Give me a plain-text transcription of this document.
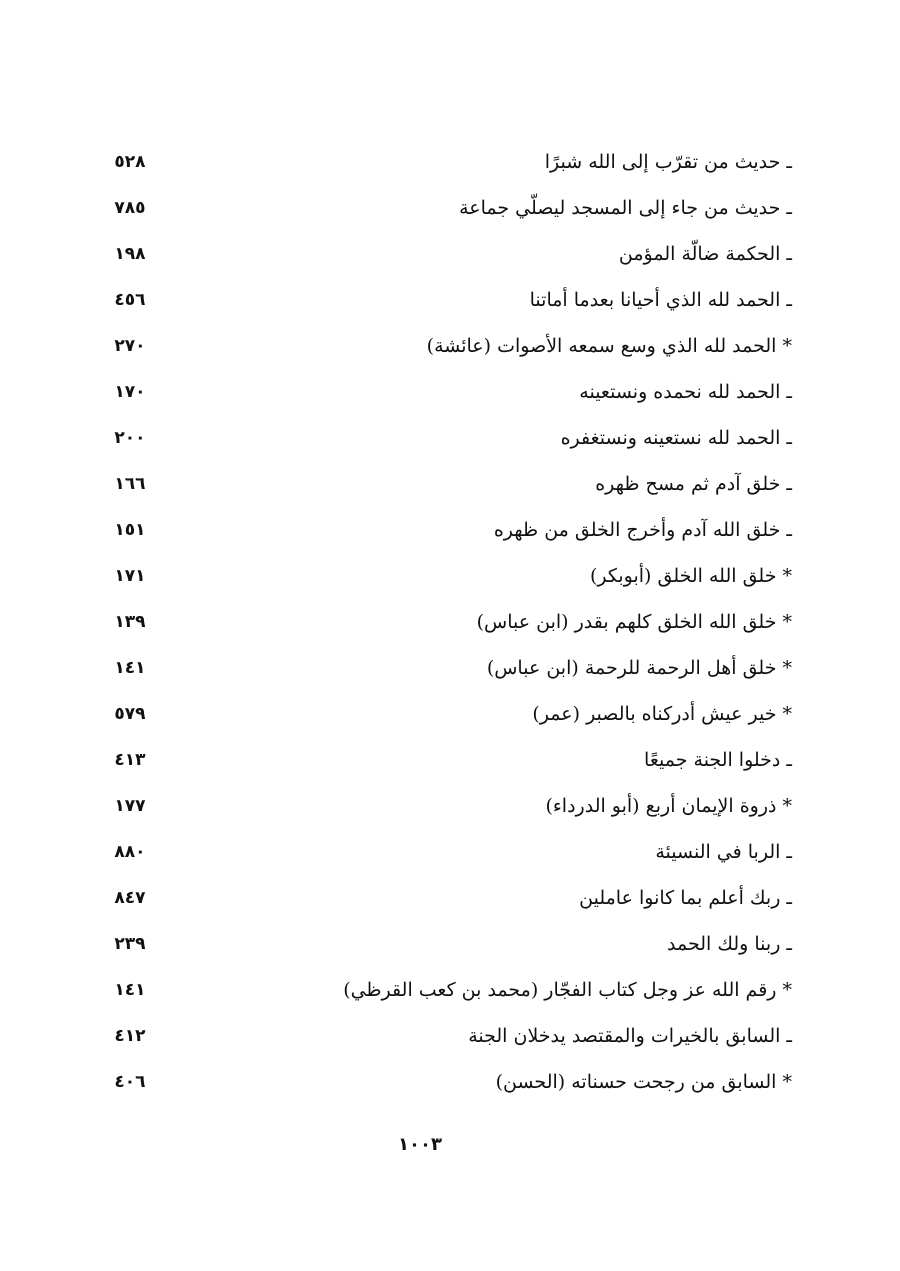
٥٢٨	ـ حديث من تقرّب إلى الله شبرًا
٧٨٥	ـ حديث من جاء إلى المسجد ليصلّي جماعة
١٩٨	ـ الحكمة ضالّة المؤمن
٤٥٦	ـ الحمد لله الذي أحيانا بعدما أماتنا
٢٧٠	* الحمد لله الذي وسع سمعه الأصوات (عائشة)
١٧٠	ـ الحمد لله نحمده ونستعينه
٢٠٠	ـ الحمد لله نستعينه ونستغفره
١٦٦	ـ خلق آدم ثم مسح ظهره
١٥١	ـ خلق الله آدم وأخرج الخلق من ظهره
١٧١	* خلق الله الخلق (أبوبكر)
١٣٩	* خلق الله الخلق كلهم بقدر (ابن عباس)
١٤١	* خلق أهل الرحمة للرحمة (ابن عباس)
٥٧٩	* خير عيش أدركناه بالصبر (عمر)
٤١٣	ـ دخلوا الجنة جميعًا
١٧٧	* ذروة الإيمان أربع (أبو الدرداء)
٨٨٠	ـ الربا في النسيئة
٨٤٧	ـ ربك أعلم بما كانوا عاملين
٢٣٩	ـ ربنا ولك الحمد
١٤١	* رقم الله عز وجل كتاب الفجّار (محمد بن كعب القرظي)
٤١٢	ـ السابق بالخيرات والمقتصد يدخلان الجنة
٤٠٦	* السابق من رجحت حسناته (الحسن)
١٠٠٣
